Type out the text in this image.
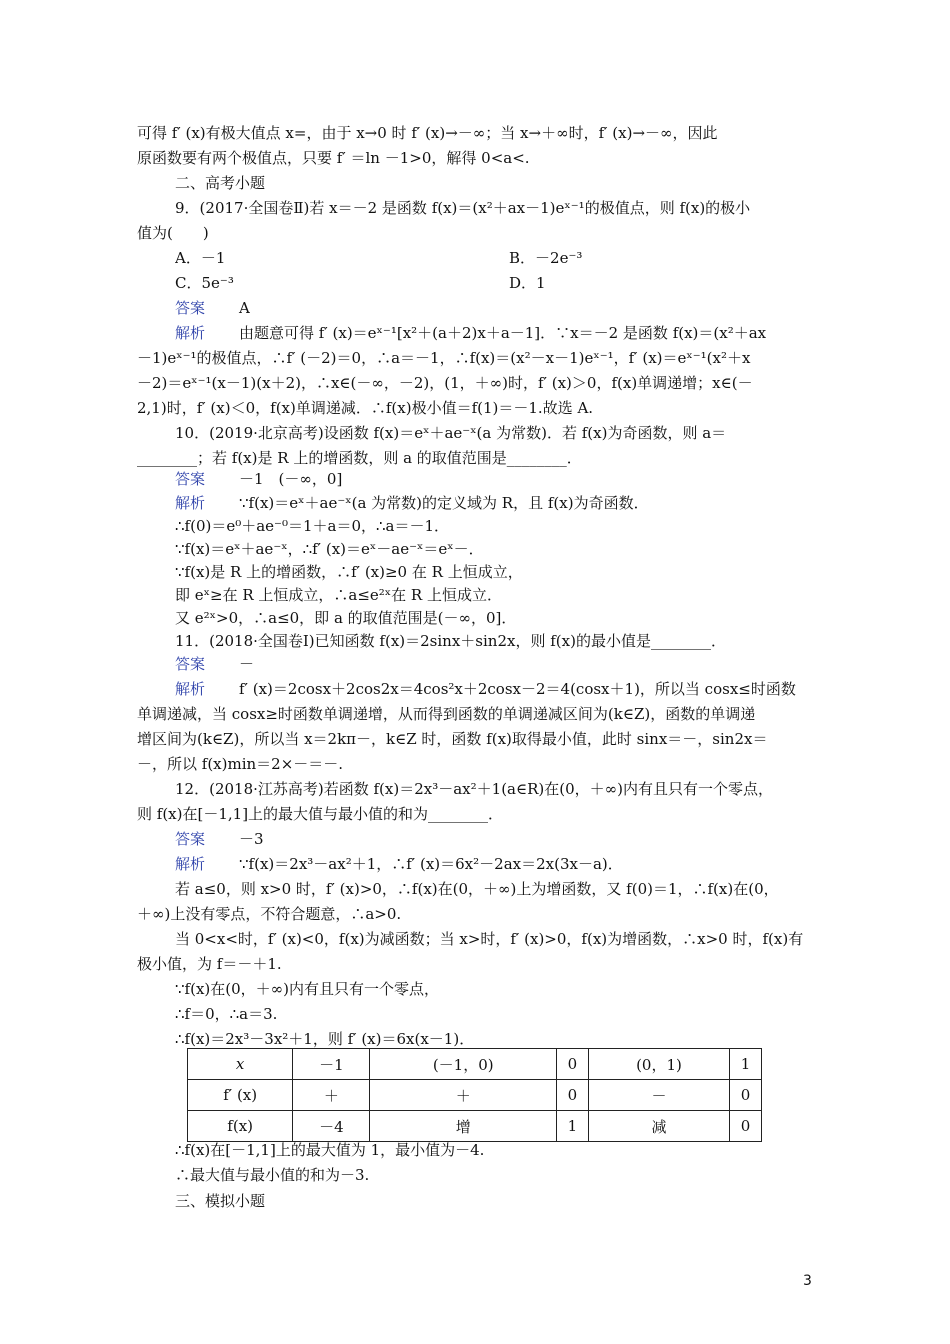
可得 f′ (x)有极大值点 x=，由于 x→0 时 f′ (x)→－∞；当 x→＋∞时，f′ (x)→－∞，因此
原函数要有两个极值点，只要 f′ ＝ln －1>0，解得 0<a<.
二、高考小题
9．(2017·全国卷Ⅱ)若 x＝－2 是函数 f(x)＝(x²＋ax－1)eˣ⁻¹的极值点，则 f(x)的极小
值为(　　)
A．－1	B．－2e⁻³
C．5e⁻³	D．1
答案 A
解析 由题意可得 f′ (x)＝eˣ⁻¹[x²＋(a＋2)x＋a－1]．∵x＝－2 是函数 f(x)＝(x²＋ax
－1)eˣ⁻¹的极值点，∴f′ (－2)＝0，∴a＝－1，∴f(x)＝(x²－x－1)eˣ⁻¹，f′ (x)＝eˣ⁻¹(x²＋x
－2)＝eˣ⁻¹(x－1)(x＋2)，∴x∈(－∞，－2)，(1，＋∞)时，f′ (x)＞0，f(x)单调递增；x∈(－
2,1)时，f′ (x)＜0，f(x)单调递减．∴f(x)极小值＝f(1)＝－1.故选 A.
10．(2019·北京高考)设函数 f(x)＝eˣ＋ae⁻ˣ(a 为常数)．若 f(x)为奇函数，则 a＝
________；若 f(x)是 R 上的增函数，则 a 的取值范围是________．
答案 －1　(－∞，0]
解析 ∵f(x)＝eˣ＋ae⁻ˣ(a 为常数)的定义域为 R，且 f(x)为奇函数．
∴f(0)＝e⁰＋ae⁻⁰＝1＋a＝0，∴a＝－1．
∵f(x)＝eˣ＋ae⁻ˣ，∴f′ (x)＝eˣ－ae⁻ˣ＝eˣ－．
∵f(x)是 R 上的增函数，∴f′ (x)≥0 在 R 上恒成立，
即 eˣ≥在 R 上恒成立，∴a≤e²ˣ在 R 上恒成立．
又 e²ˣ>0，∴a≤0，即 a 的取值范围是(－∞，0]．
11．(2018·全国卷Ⅰ)已知函数 f(x)＝2sinx＋sin2x，则 f(x)的最小值是________．
答案 －
解析 f′ (x)＝2cosx＋2cos2x＝4cos²x＋2cosx－2＝4(cosx＋1)，所以当 cosx≤时函数
单调递减，当 cosx≥时函数单调递增，从而得到函数的单调递减区间为(k∈Z)，函数的单调递
增区间为(k∈Z)，所以当 x＝2kπ－，k∈Z 时，函数 f(x)取得最小值，此时 sinx＝－，sin2x＝
－，所以 f(x)min＝2×－＝－.
12．(2018·江苏高考)若函数 f(x)＝2x³－ax²＋1(a∈R)在(0，＋∞)内有且只有一个零点，
则 f(x)在[－1,1]上的最大值与最小值的和为________．
答案 －3
解析 ∵f(x)＝2x³－ax²＋1，∴f′ (x)＝6x²－2ax＝2x(3x－a)．
若 a≤0，则 x>0 时，f′ (x)>0，∴f(x)在(0，＋∞)上为增函数，又 f(0)＝1，∴f(x)在(0，
＋∞)上没有零点，不符合题意，∴a>0.
当 0<x<时，f′ (x)<0，f(x)为减函数；当 x>时，f′ (x)>0，f(x)为增函数，∴x>0 时，f(x)有
极小值，为 f＝－＋1.
∵f(x)在(0，＋∞)内有且只有一个零点，
∴f＝0，∴a＝3.
∴f(x)＝2x³－3x²＋1，则 f′ (x)＝6x(x－1)．
x	－1	(－1，0)	0	(0，1)	1
f′ (x)	＋	＋	0	－	0
f(x)	－4	增	1	减	0
∴f(x)在[－1,1]上的最大值为 1，最小值为－4.
∴最大值与最小值的和为－3.
三、模拟小题
3
